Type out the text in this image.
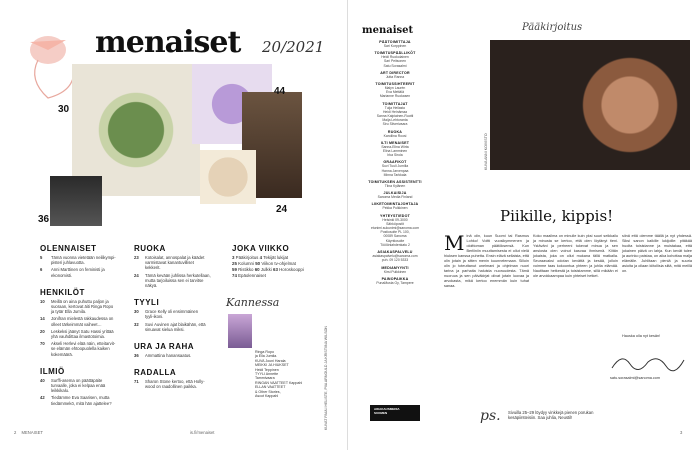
menaiset 20/2021
30
44
36
24
OLENNAISET
5	Tämä vuonna vietetään neilikympi-
pisteri juhlavuotta.
6	Anni Marttinen on feministi ja
ekonomisti.
HENKILÖT
10	Meillä on aina puhuttu paljon ja
suoraan, kertovat äiti Ringa Ropo
ja tytär Ella Jumila.
14	Jonifran mielestä rakkaudessa on
olleet tärkeimmät vaiheet…
20	Leskeksi jäänyt Satu Hassi yrittää
yhä vauhdittaa ilmastotoimia.
70	Akseli Herlevi elää näin, etteitarvit-
se elämän ehtoopuolella kaiken
kokemäärä.
ILMIÖ
40	Surffi-asema on päättäpäite
turvaalle, joka ei kelpaa enää
leikkikalu.
42	Tiedämme Eva Saarisen, mutta
tiedämmekö, mitä hän ajattelee?
RUOKA
23	Kotoisalat, annospalat ja käädet
varmistavat kanantuvilliset
kekkerit.
24	Tämä kevään juhlissa herkutellaan,
mutta tarjoiluissa sen ei tarvitse
näkyä.
TYYLI
30	Grace Kelly oli ensimmäinen
tyyli-ikoni.
32	Suvi Auvinen ajat blaikähän, että
sinuavat sielua miksi.
URA JA RAHA
36	Ammattina hanansaatus.
RADALLA
71	Sharon Stone kertoo, että Holly-
wood on raadollinen paikka.
JOKA VIIKKO
3 Pääkirjoitus 4 Tekijät lukijat
25 Kolumni 50 Viikon tv-ohjelmat
59 Ristikko 60 Julkki 63 Horoskooppi
74 Epäolennaiset
Kannessa
Ringa Ropo
ja Ella Jumila.
KUVA Jouni Harala
MEIKKI JA HIUKSET
Heidi Teppinen
TYYLI Annette
Tammivaara
RINGAN VAATTEET Kappahl
ELLAN VAATTEET
& Other Stories,
Ascot Kappahl	KUVAT PAULI HELISTE, PIIA ARNOULD JA KRISTIINA WILSON
2 MENAISET	is.fi/menaiset
menaiset
PÄÄTOIMITTAJA
Sari Korppinen
TOIMITUSPÄÄLLIKÖT
Heidi Ruokolainen
Sari Peitsonen
Satu Sorasalmi
ART DIRECTOR
Jutta Ranna
TOIMITUSSIHTEERIT
Malyn Laurén
Eva Mettälä
Marianne Ruokasen
TOIMITTAJAT
Tuija Heilasto
Heidi Heinämaa
Sanna Kaipiainen-Ruotti
Maija Lehtoranta
Siru Silverivaara
RUOKA
Karoliina Roosi
ILTI MENAISET
Sanna-Elina Wirta
Elina Lamminen
Irka Sirola
GRAAFIKOT
Suvi Tuuli Jumilla
Hanna Jarvenpaa
Minna Tarkkala
TOIMITUKSEN ASSISTENTTI
Tiina Kylänen
JULKAISIJA
Sanoma Media Finland
LIIKETOIMINTAJOHTAJA
Pekka Pulkkinen
YHTEYSTIEDOT
Helsinki 09-3000
Sähköpostit
etunimi.sukunimi@sanoma.com
Postiosoite PL 100,
00089 Sanoma
Käyntiosoite
Töölönlahdenkatu 2
ASIAKASPALVELU
asiakaspalvelu@sanoma.com
puh. 09 120 5333
MEDIAMYYNTI
Kirsi Pulkkinen
PAINOPAIKKA
PunaMusta Oy, Tampere
AIKAKAUSMEDIA
SUOMEN
Pääkirjoitus
KUVA ANNI KOIVISTO
Piikille, kippis!
M inä olin, kuun Suomi tai Rasmus Lohko! Voitti vuosikymmenen ja oloittoman päätöksensä. Kun Berliiniin muuttamisesta ei ollut vielä hiuksen kanssa puhetta. Ensin elävä sellaista, että olin jotain ja sitten menin kuunnelemaan. Silloin olin jo toteuttanut unelmani ja ohjelman nuori tarina ja parhaita haluista nuoruudesta. Tämä nuoruus ja sen päiväkirjat olivat jotain luovaa ja arvokasta, mikä kertoo enemmän kuin tuhat sanaa.
Koko maailma on minulle kuin yksi suuri seikkailu ja minusta se kertoo, että olen löytänyt tieni. Ystäväni ja perheeni tukevat minua ja sen ansiosta olen voinut kasvaa ihmisenä. Kiitän jokaista, joka on ollut mukana tällä matkalla. Seuraavaksi odotan kevättä ja kesää, jolloin voimme taas kokoontua yhteen ja juhlia elämää. Nautitaan hetkestä ja toisistamme, sillä mikään ei ole arvokkaampaa kuin yhteiset hetket.
siinä että olemme täällä ja nyt yhdessä. Siksi sanon kaikille lukijoille: pitäkää huolta toisistanne ja muistakaa, että jokainen päivä on lahja. Kun kevät tulee ja aurinko paistaa, on aika kohottaa malja elämälle. Juhlitaan pieniä ja suuria asioita ja ollaan kiitollisia siitä, mitä meillä on.
Hauska olla nyt kesän!
satu.sorasalmi@sanoma.com
ps. Sivuilla 25–29 löydyy vinkkejä pienen porukan
kesäpiirsteisiin. Saa juhlia, Neustil!
3
